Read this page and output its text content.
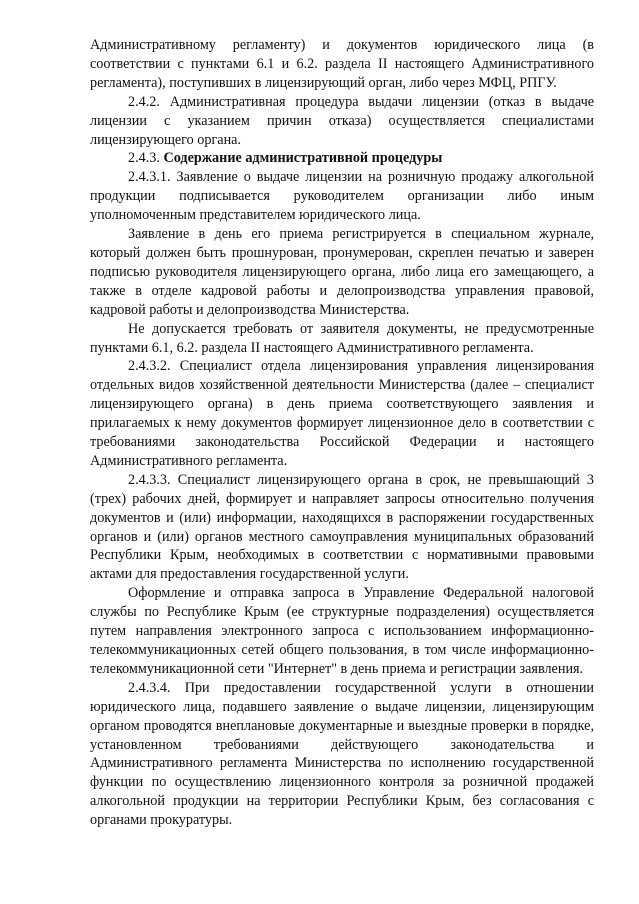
Административному регламенту) и документов юридического лица (в соответствии с пунктами 6.1 и 6.2. раздела II настоящего Административного регламента), поступивших в лицензирующий орган, либо через МФЦ, РПГУ.

2.4.2. Административная процедура выдачи лицензии (отказ в выдаче лицензии с указанием причин отказа) осуществляется специалистами лицензирующего органа.

2.4.3. Содержание административной процедуры

2.4.3.1. Заявление о выдаче лицензии на розничную продажу алкогольной продукции подписывается руководителем организации либо иным уполномоченным представителем юридического лица.

Заявление в день его приема регистрируется в специальном журнале, который должен быть прошнурован, пронумерован, скреплен печатью и заверен подписью руководителя лицензирующего органа, либо лица его замещающего, а также в отделе кадровой работы и делопроизводства управления правовой, кадровой работы и делопроизводства Министерства.

Не допускается требовать от заявителя документы, не предусмотренные пунктами 6.1, 6.2. раздела II настоящего Административного регламента.

2.4.3.2. Специалист отдела лицензирования управления лицензирования отдельных видов хозяйственной деятельности Министерства (далее – специалист лицензирующего органа) в день приема соответствующего заявления и прилагаемых к нему документов формирует лицензионное дело в соответствии с требованиями законодательства Российской Федерации и настоящего Административного регламента.

2.4.3.3. Специалист лицензирующего органа в срок, не превышающий 3 (трех) рабочих дней, формирует и направляет запросы относительно получения документов и (или) информации, находящихся в распоряжении государственных органов и (или) органов местного самоуправления муниципальных образований Республики Крым, необходимых в соответствии с нормативными правовыми актами для предоставления государственной услуги.

Оформление и отправка запроса в Управление Федеральной налоговой службы по Республике Крым (ее структурные подразделения) осуществляется путем направления электронного запроса с использованием информационно-телекоммуникационных сетей общего пользования, в том числе информационно-телекоммуникационной сети "Интернет" в день приема и регистрации заявления.

2.4.3.4. При предоставлении государственной услуги в отношении юридического лица, подавшего заявление о выдаче лицензии, лицензирующим органом проводятся внеплановые документарные и выездные проверки в порядке, установленном требованиями действующего законодательства и Административного регламента Министерства по исполнению государственной функции по осуществлению лицензионного контроля за розничной продажей алкогольной продукции на территории Республики Крым, без согласования с органами прокуратуры.
